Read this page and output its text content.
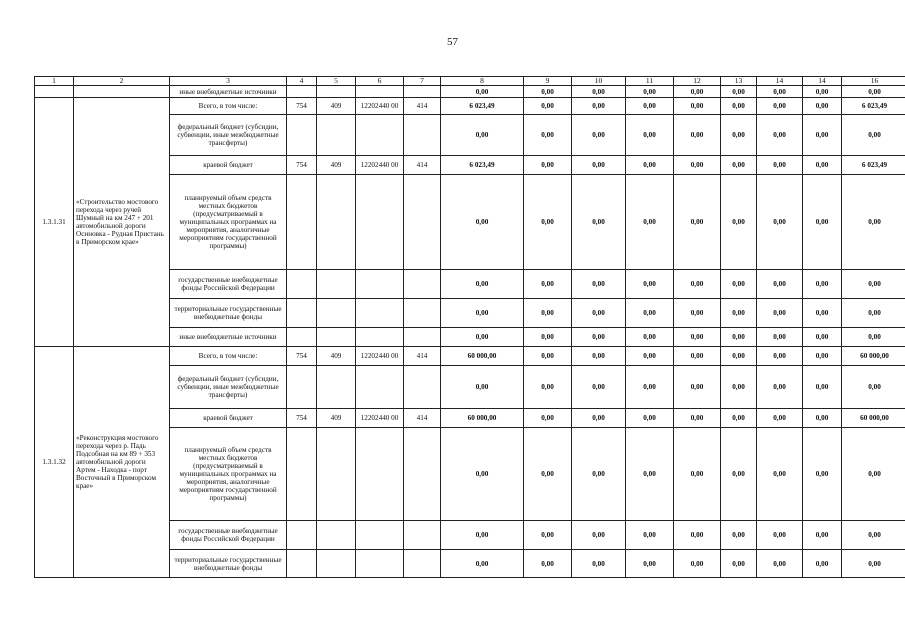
57
1	2	3	4	5	6	7	8	9	10	11	12	13	14	14	16
		иные внебюджетные источники					0,00	0,00	0,00	0,00	0,00	0,00	0,00	0,00	0,00
1.3.1.31	«Строительство мостового перехода через ручей Шумный на км 247 + 201 автомобильной дороги Осиновка - Рудная Пристань в Приморском крае»	Всего, в том числе:	754	409	12202440 00	414	6 023,49	0,00	0,00	0,00	0,00	0,00	0,00	0,00	6 023,49
		федеральный бюджет (субсидии, субвенции, иные межбюджетные трансферты)					0,00	0,00	0,00	0,00	0,00	0,00	0,00	0,00	0,00
		краевой бюджет	754	409	12202440 00	414	6 023,49	0,00	0,00	0,00	0,00	0,00	0,00	0,00	6 023,49
		планируемый объем средств местных бюджетов (предусматриваемый в муниципальных программах на мероприятия, аналогичные мероприятиям государственной программы)					0,00	0,00	0,00	0,00	0,00	0,00	0,00	0,00	0,00
		государственные внебюджетные фонды Российской Федерации					0,00	0,00	0,00	0,00	0,00	0,00	0,00	0,00	0,00
		территориальные государственные внебюджетные фонды					0,00	0,00	0,00	0,00	0,00	0,00	0,00	0,00	0,00
		иные внебюджетные источники					0,00	0,00	0,00	0,00	0,00	0,00	0,00	0,00	0,00
1.3.1.32	«Реконструкция мостового перехода через р. Падь Подсобная на км 89 + 353 автомобильной дороги Артем - Находка - порт Восточный в Приморском крае»	Всего, в том числе:	754	409	12202440 00	414	60 000,00	0,00	0,00	0,00	0,00	0,00	0,00	0,00	60 000,00
		федеральный бюджет (субсидии, субвенции, иные межбюджетные трансферты)					0,00	0,00	0,00	0,00	0,00	0,00	0,00	0,00	0,00
		краевой бюджет	754	409	12202440 00	414	60 000,00	0,00	0,00	0,00	0,00	0,00	0,00	0,00	60 000,00
		планируемый объем средств местных бюджетов (предусматриваемый в муниципальных программах на мероприятия, аналогичные мероприятиям государственной программы)					0,00	0,00	0,00	0,00	0,00	0,00	0,00	0,00	0,00
		государственные внебюджетные фонды Российской Федерации					0,00	0,00	0,00	0,00	0,00	0,00	0,00	0,00	0,00
		территориальные государственные внебюджетные фонды					0,00	0,00	0,00	0,00	0,00	0,00	0,00	0,00	0,00
